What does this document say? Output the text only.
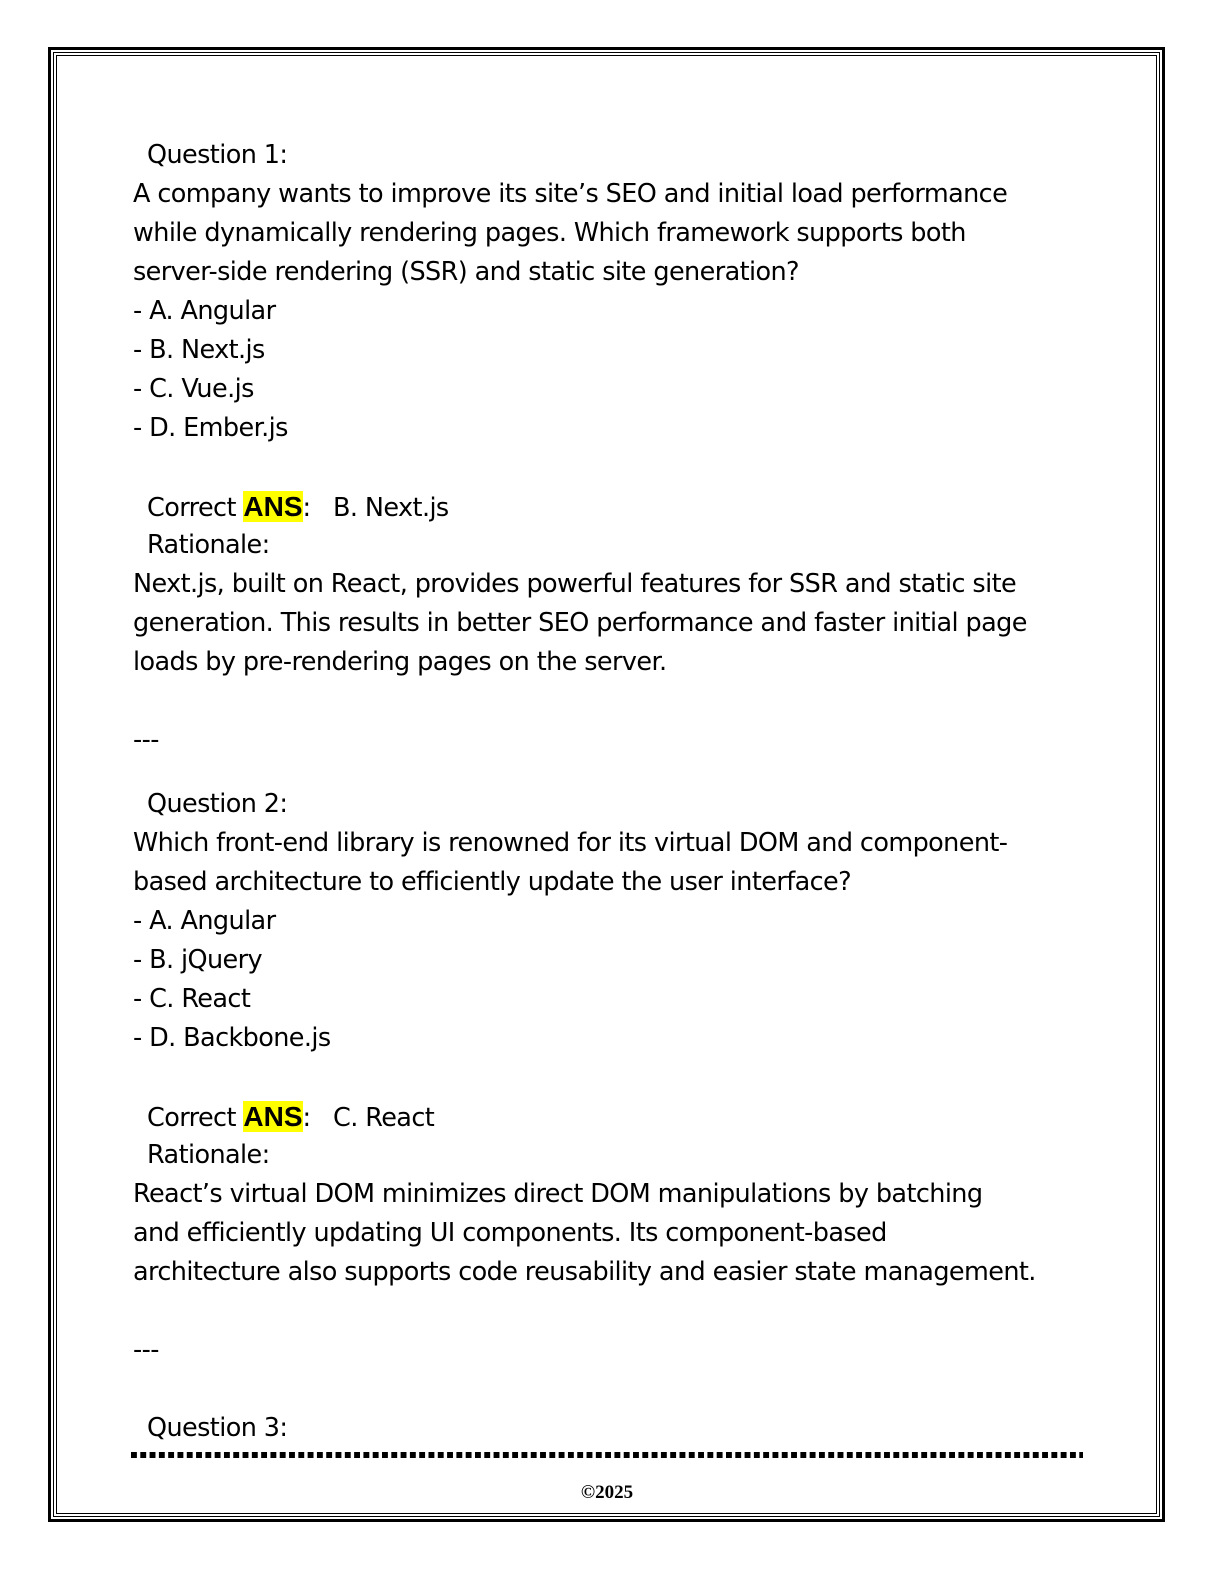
Question 1:
A company wants to improve its site’s SEO and initial load performance
while dynamically rendering pages. Which framework supports both
server-side rendering (SSR) and static site generation?
- A. Angular
- B. Next.js
- C. Vue.js
- D. Ember.js
Correct ANS:   B. Next.js
Rationale:
Next.js, built on React, provides powerful features for SSR and static site
generation. This results in better SEO performance and faster initial page
loads by pre-rendering pages on the server.
---
Question 2:
Which front-end library is renowned for its virtual DOM and component-
based architecture to efficiently update the user interface?
- A. Angular
- B. jQuery
- C. React
- D. Backbone.js
Correct ANS:   C. React
Rationale:
React’s virtual DOM minimizes direct DOM manipulations by batching
and efficiently updating UI components. Its component-based
architecture also supports code reusability and easier state management.
---
Question 3:
©2025
